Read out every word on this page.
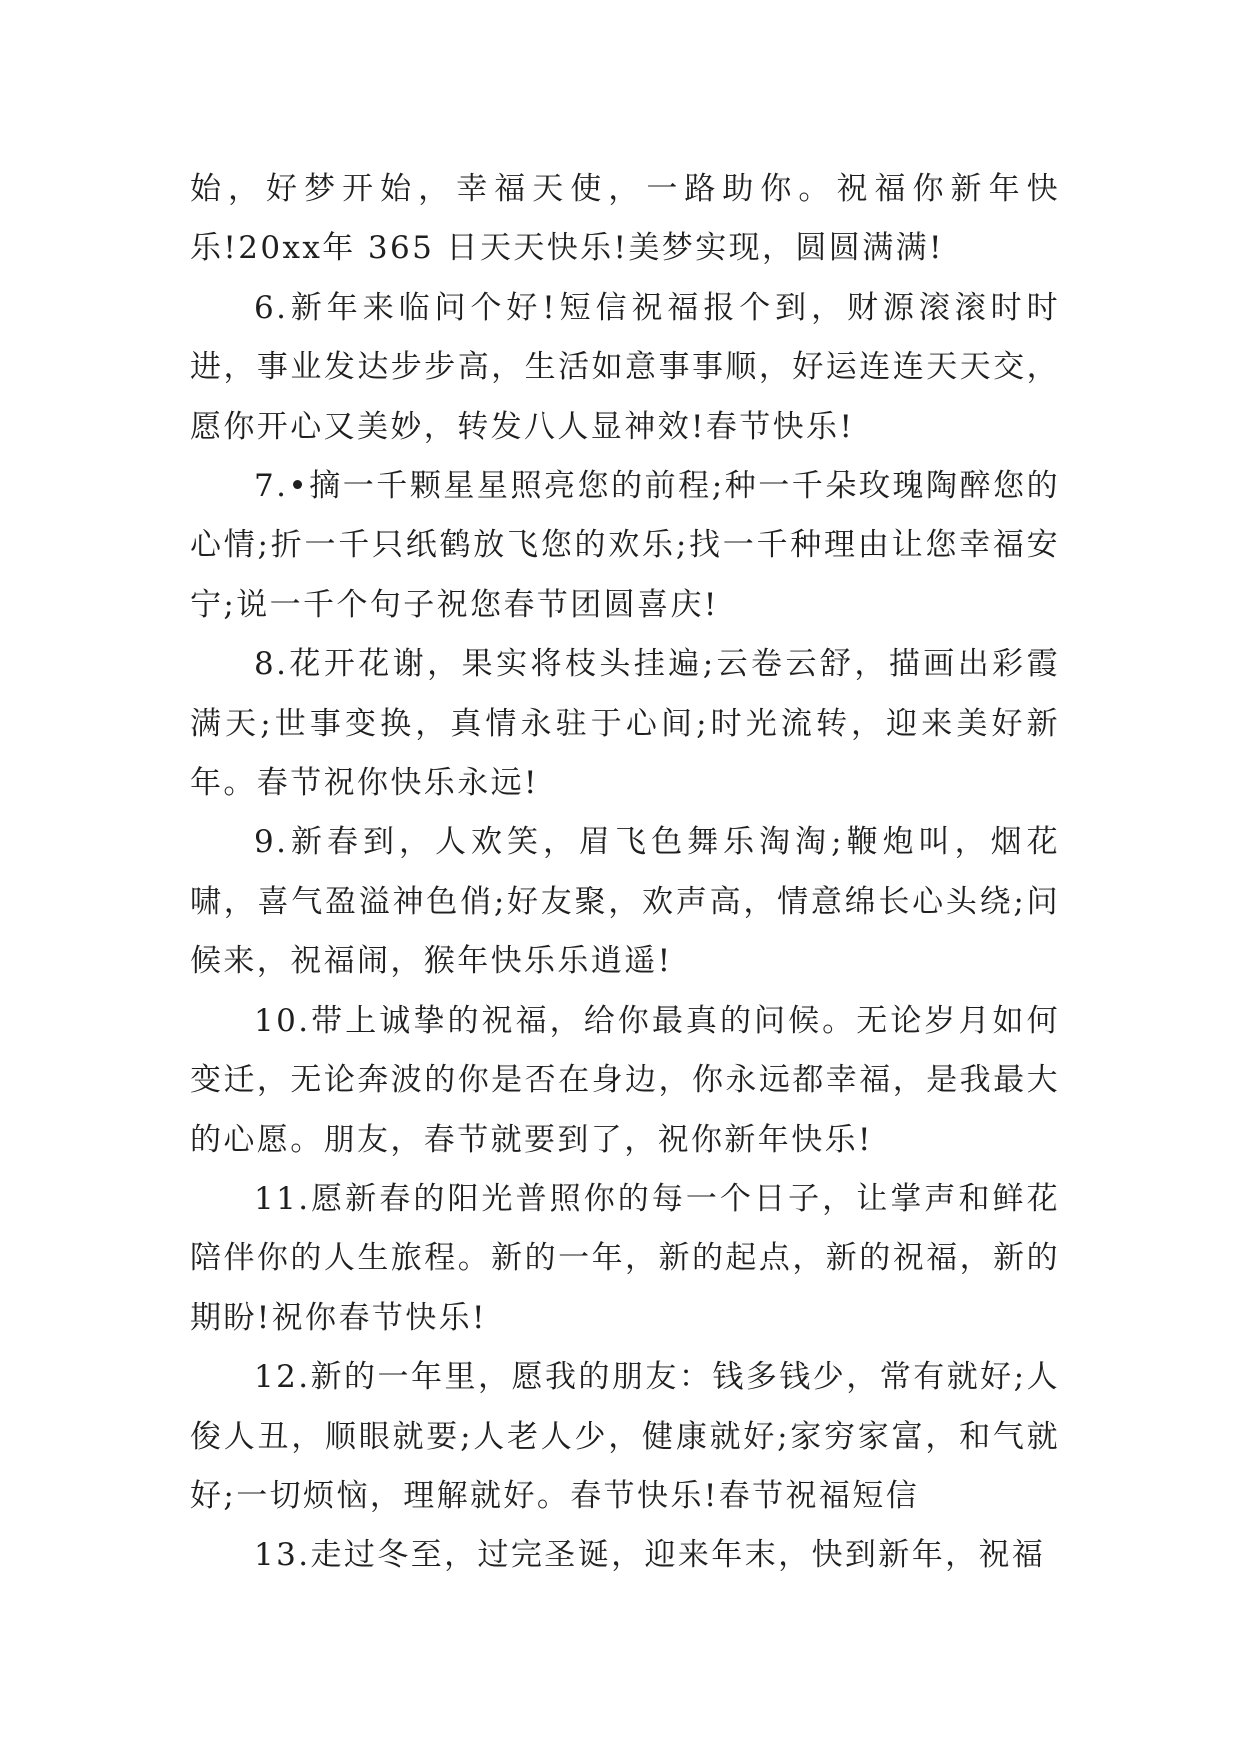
始，好梦开始，幸福天使，一路助你。祝福你新年快乐!20xx年 365 日天天快乐!美梦实现，圆圆满满!

6.新年来临问个好!短信祝福报个到，财源滚滚时时进，事业发达步步高，生活如意事事顺，好运连连天天交，愿你开心又美妙，转发八人显神效!春节快乐!

7.•摘一千颗星星照亮您的前程;种一千朵玫瑰陶醉您的心情;折一千只纸鹤放飞您的欢乐;找一千种理由让您幸福安宁;说一千个句子祝您春节团圆喜庆!

8.花开花谢，果实将枝头挂遍;云卷云舒，描画出彩霞满天;世事变换，真情永驻于心间;时光流转，迎来美好新年。春节祝你快乐永远!

9.新春到，人欢笑，眉飞色舞乐淘淘;鞭炮叫，烟花啸，喜气盈溢神色俏;好友聚，欢声高，情意绵长心头绕;问候来，祝福闹，猴年快乐乐逍遥!

10.带上诚挚的祝福，给你最真的问候。无论岁月如何变迁，无论奔波的你是否在身边，你永远都幸福，是我最大的心愿。朋友，春节就要到了，祝你新年快乐!

11.愿新春的阳光普照你的每一个日子，让掌声和鲜花陪伴你的人生旅程。新的一年，新的起点，新的祝福，新的期盼!祝你春节快乐!

12.新的一年里，愿我的朋友：钱多钱少，常有就好;人俊人丑，顺眼就要;人老人少，健康就好;家穷家富，和气就好;一切烦恼，理解就好。春节快乐!春节祝福短信

13.走过冬至，过完圣诞，迎来年末，快到新年，祝福
